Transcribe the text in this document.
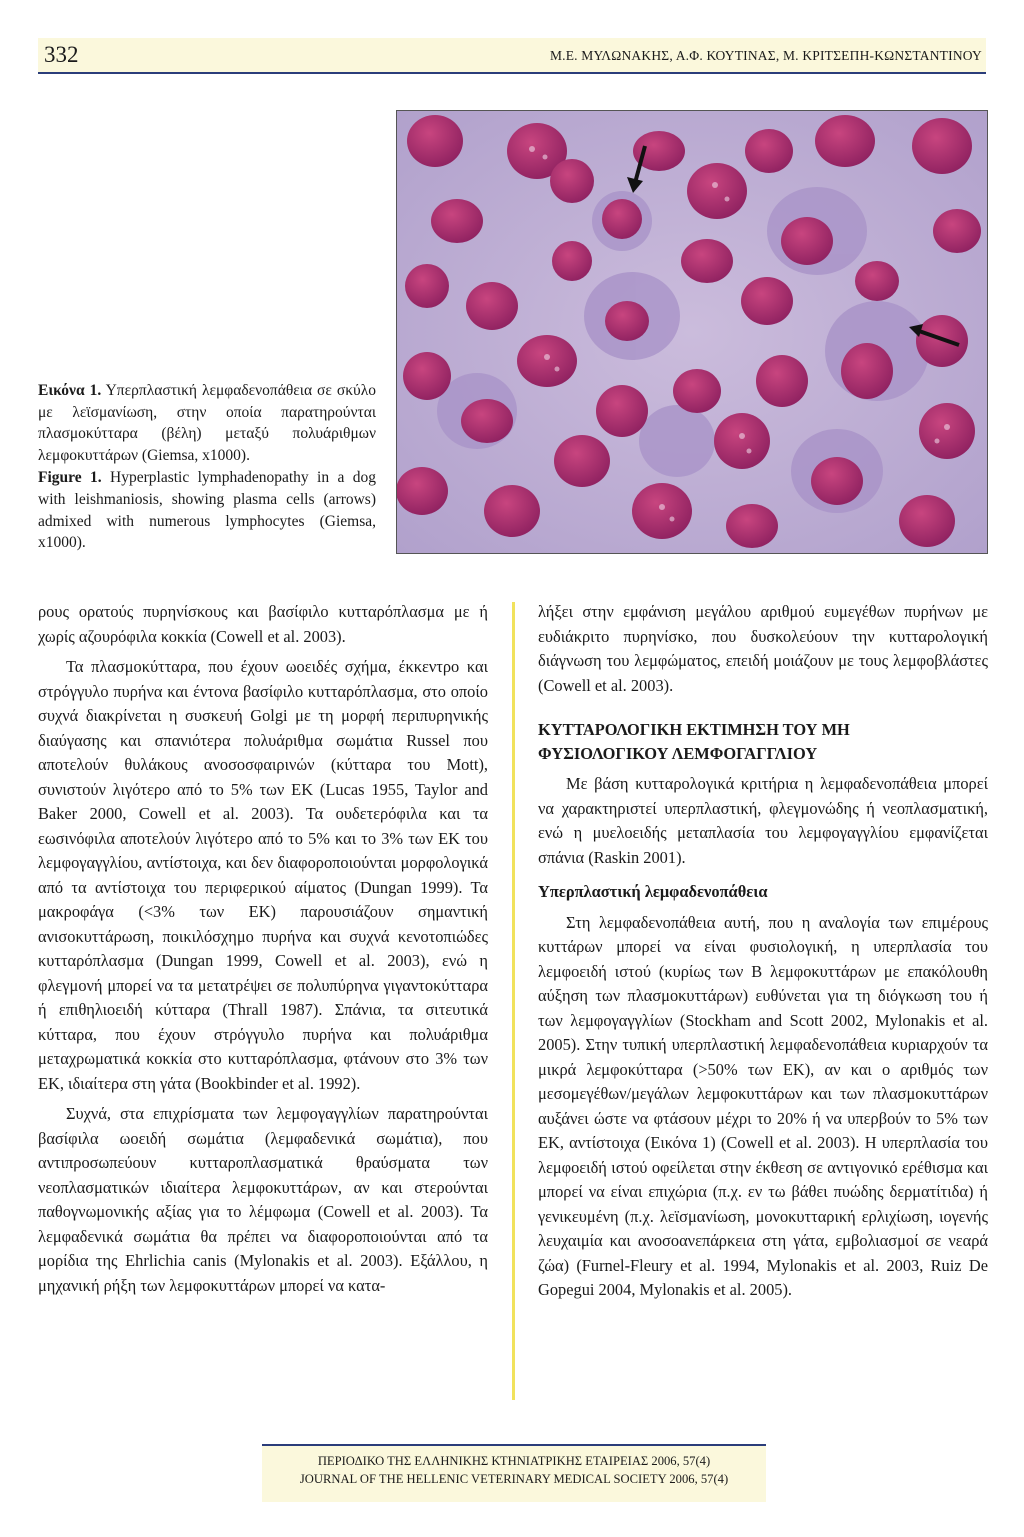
332	Μ.Ε. ΜΥΛΩΝΑΚΗΣ, Α.Φ. ΚΟΥΤΙΝΑΣ, Μ. ΚΡΙΤΣΕΠΗ-ΚΩΝΣΤΑΝΤΙΝΟΥ

Εικόνα 1. Υπερπλαστική λεμφαδενοπάθεια σε σκύλο με λεϊσμανίωση, στην οποία παρατηρούνται πλασμοκύτταρα (βέλη) μεταξύ πολυάριθμων λεμφοκυττάρων (Giemsa, x1000).

Figure 1. Hyperplastic lymphadenopathy in a dog with leishmaniosis, showing plasma cells (arrows) admixed with numerous lymphocytes (Giemsa, x1000).

ρους ορατούς πυρηνίσκους και βασίφιλο κυτταρόπλασμα με ή χωρίς αζουρόφιλα κοκκία (Cowell et al. 2003).

Τα πλασμοκύτταρα, που έχουν ωοειδές σχήμα, έκκεντρο και στρόγγυλο πυρήνα και έντονα βασίφιλο κυτταρόπλασμα, στο οποίο συχνά διακρίνεται η συσκευή Golgi με τη μορφή περιπυρηνικής διαύγασης και σπανιότερα πολυάριθμα σωμάτια Russel που αποτελούν θυλάκους ανοσοσφαιρινών (κύτταρα του Mott), συνιστούν λιγότερο από το 5% των ΕΚ (Lucas 1955, Taylor and Baker 2000, Cowell et al. 2003). Τα ουδετερόφιλα και τα εωσινόφιλα αποτελούν λιγότερο από το 5% και το 3% των ΕΚ του λεμφογαγγλίου, αντίστοιχα, και δεν διαφοροποιούνται μορφολογικά από τα αντίστοιχα του περιφερικού αίματος (Dungan 1999). Τα μακροφάγα (<3% των ΕΚ) παρουσιάζουν σημαντική ανισοκυττάρωση, ποικιλόσχημο πυρήνα και συχνά κενοτοπιώδες κυτταρόπλασμα (Dungan 1999, Cowell et al. 2003), ενώ η φλεγμονή μπορεί να τα μετατρέψει σε πολυπύρηνα γιγαντοκύτταρα ή επιθηλιοειδή κύτταρα (Thrall 1987). Σπάνια, τα σιτευτικά κύτταρα, που έχουν στρόγγυλο πυρήνα και πολυάριθμα μεταχρωματικά κοκκία στο κυτταρόπλασμα, φτάνουν στο 3% των ΕΚ, ιδιαίτερα στη γάτα (Bookbinder et al. 1992).

Συχνά, στα επιχρίσματα των λεμφογαγγλίων παρατηρούνται βασίφιλα ωοειδή σωμάτια (λεμφαδενικά σωμάτια), που αντιπροσωπεύουν κυτταροπλασματικά θραύσματα των νεοπλασματικών ιδιαίτερα λεμφοκυττάρων, αν και στερούνται παθογνωμονικής αξίας για το λέμφωμα (Cowell et al. 2003). Τα λεμφαδενικά σωμάτια θα πρέπει να διαφοροποιούνται από τα μορίδια της Ehrlichia canis (Mylonakis et al. 2003). Εξάλλου, η μηχανική ρήξη των λεμφοκυττάρων μπορεί να κατα-

λήξει στην εμφάνιση μεγάλου αριθμού ευμεγέθων πυρήνων με ευδιάκριτο πυρηνίσκο, που δυσκολεύουν την κυτταρολογική διάγνωση του λεμφώματος, επειδή μοιάζουν με τους λεμφοβλάστες (Cowell et al. 2003).

ΚΥΤΤΑΡΟΛΟΓΙΚΗ ΕΚΤΙΜΗΣΗ ΤΟΥ ΜΗ
ΦΥΣΙΟΛΟΓΙΚΟΥ ΛΕΜΦΟΓΑΓΓΛΙΟΥ

Με βάση κυτταρολογικά κριτήρια η λεμφαδενοπάθεια μπορεί να χαρακτηριστεί υπερπλαστική, φλεγμονώδης ή νεοπλασματική, ενώ η μυελοειδής μεταπλασία του λεμφογαγγλίου εμφανίζεται σπάνια (Raskin 2001).

Υπερπλαστική λεμφαδενοπάθεια

Στη λεμφαδενοπάθεια αυτή, που η αναλογία των επιμέρους κυττάρων μπορεί να είναι φυσιολογική, η υπερπλασία του λεμφοειδή ιστού (κυρίως των Β λεμφοκυττάρων με επακόλουθη αύξηση των πλασμοκυττάρων) ευθύνεται για τη διόγκωση του ή των λεμφογαγγλίων (Stockham and Scott 2002, Mylonakis et al. 2005). Στην τυπική υπερπλαστική λεμφαδενοπάθεια κυριαρχούν τα μικρά λεμφοκύτταρα (>50% των ΕΚ), αν και ο αριθμός των μεσομεγέθων/μεγάλων λεμφοκυττάρων και των πλασμοκυττάρων αυξάνει ώστε να φτάσουν μέχρι το 20% ή να υπερβούν το 5% των ΕΚ, αντίστοιχα (Εικόνα 1) (Cowell et al. 2003). Η υπερπλασία του λεμφοειδή ιστού οφείλεται στην έκθεση σε αντιγονικό ερέθισμα και μπορεί να είναι επιχώρια (π.χ. εν τω βάθει πυώδης δερματίτιδα) ή γενικευμένη (π.χ. λεϊσμανίωση, μονοκυτταρική ερλιχίωση, ιογενής λευχαιμία και ανοσοανεπάρκεια στη γάτα, εμβολιασμοί σε νεαρά ζώα) (Furnel-Fleury et al. 1994, Mylonakis et al. 2003, Ruiz De Gopegui 2004, Mylonakis et al. 2005).

ΠΕΡΙΟΔΙΚΟ ΤΗΣ ΕΛΛΗΝΙΚΗΣ ΚΤΗΝΙΑΤΡΙΚΗΣ ΕΤΑΙΡΕΙΑΣ 2006, 57(4)
JOURNAL OF THE HELLENIC VETERINARY MEDICAL SOCIETY 2006, 57(4)
